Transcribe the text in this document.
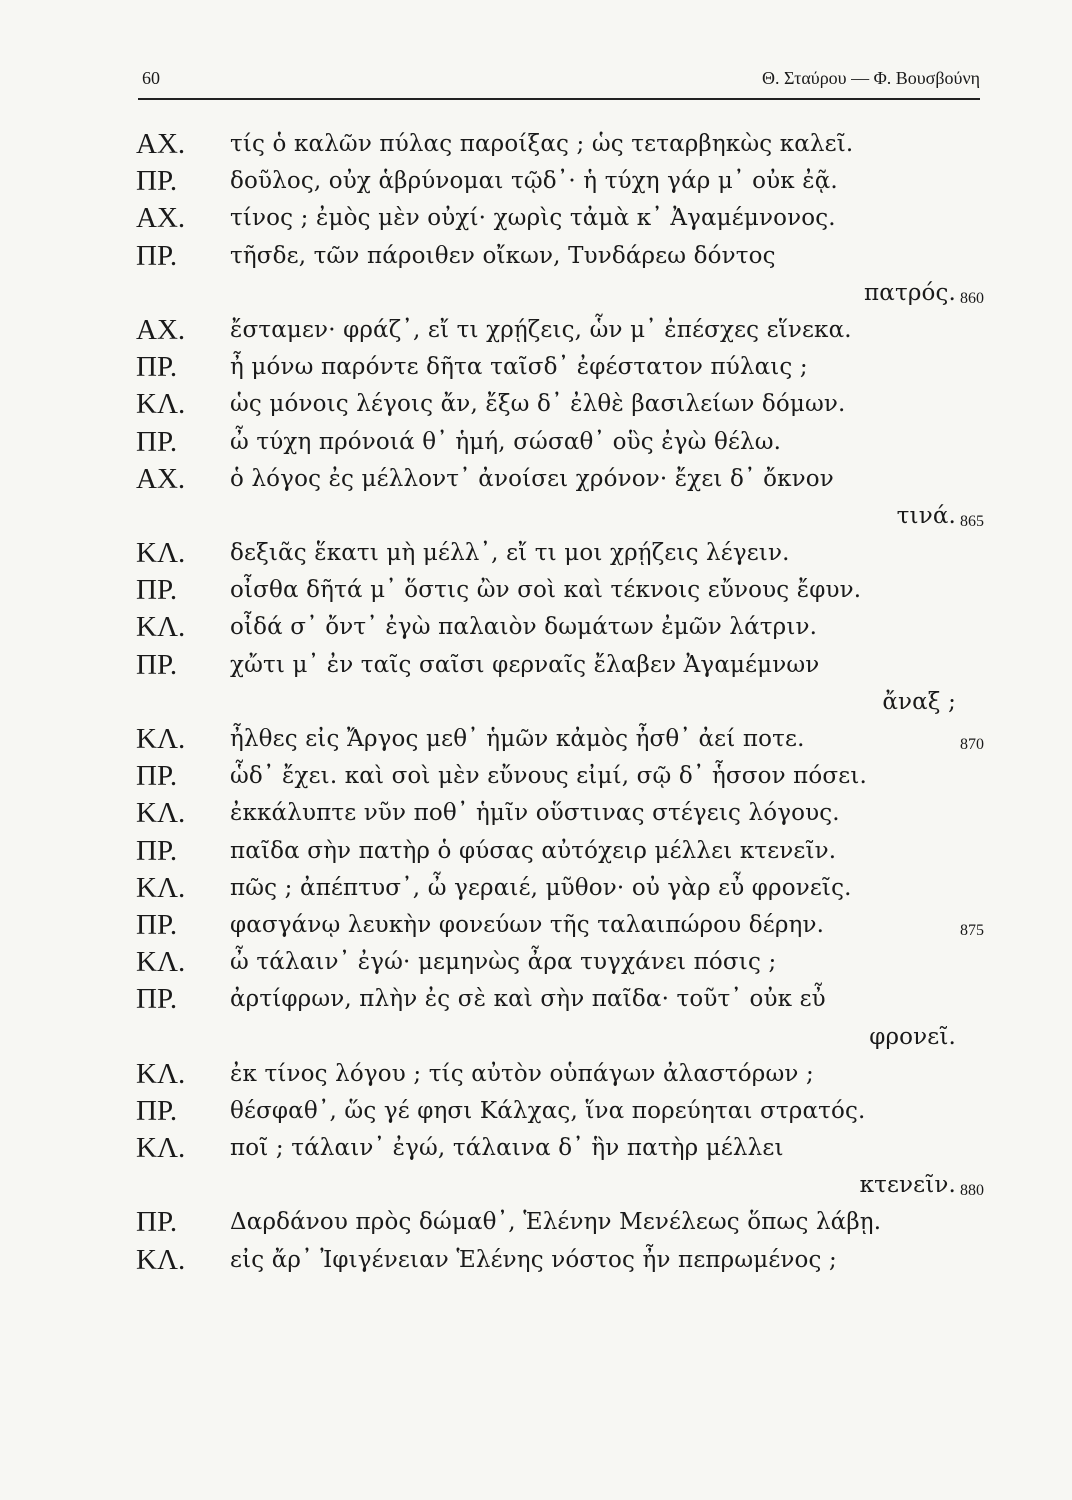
60	Θ. Σταύρου — Φ. Βουσβούνη
ΑΧ. τίς ὁ καλῶν πύλας παροίξας ; ὡς τεταρβηκὼς καλεῖ.
ΠΡ. δοῦλος, οὐχ ἁβρύνομαι τῷδ᾽· ἡ τύχη γάρ μ᾽ οὐκ ἐᾷ.
ΑΧ. τίνος ; ἐμὸς μὲν οὐχί· χωρὶς τἀμὰ κ᾽ Ἀγαμέμνονος.
ΠΡ. τῆσδε, τῶν πάροιθεν οἴκων, Τυνδάρεω δόντος
πατρός. 860
ΑΧ. ἔσταμεν· φράζ᾽, εἴ τι χρῄζεις, ὧν μ᾽ ἐπέσχες εἵνεκα.
ΠΡ. ἦ μόνω παρόντε δῆτα ταῖσδ᾽ ἐφέστατον πύλαις ;
ΚΛ. ὡς μόνοις λέγοις ἄν, ἔξω δ᾽ ἐλθὲ βασιλείων δόμων.
ΠΡ. ὦ τύχη πρόνοιά θ᾽ ἡμή, σώσαθ᾽ οὓς ἐγὼ θέλω.
ΑΧ. ὁ λόγος ἐς μέλλοντ᾽ ἀνοίσει χρόνον· ἔχει δ᾽ ὄκνον
τινά. 865
ΚΛ. δεξιᾶς ἕκατι μὴ μέλλ᾽, εἴ τι μοι χρῄζεις λέγειν.
ΠΡ. οἶσθα δῆτά μ᾽ ὅστις ὢν σοὶ καὶ τέκνοις εὔνους ἔφυν.
ΚΛ. οἶδά σ᾽ ὄντ᾽ ἐγὼ παλαιὸν δωμάτων ἐμῶν λάτριν.
ΠΡ. χὤτι μ᾽ ἐν ταῖς σαῖσι φερναῖς ἔλαβεν Ἀγαμέμνων
ἄναξ ;
ΚΛ. ἦλθες εἰς Ἄργος μεθ᾽ ἡμῶν κἀμὸς ἦσθ᾽ ἀεί ποτε.	870
ΠΡ. ὧδ᾽ ἔχει. καὶ σοὶ μὲν εὔνους εἰμί, σῷ δ᾽ ἧσσον πόσει.
ΚΛ. ἐκκάλυπτε νῦν ποθ᾽ ἡμῖν οὕστινας στέγεις λόγους.
ΠΡ. παῖδα σὴν πατὴρ ὁ φύσας αὐτόχειρ μέλλει κτενεῖν.
ΚΛ. πῶς ; ἀπέπτυσ᾽, ὦ γεραιέ, μῦθον· οὐ γὰρ εὖ φρονεῖς.
ΠΡ. φασγάνῳ λευκὴν φονεύων τῆς ταλαιπώρου δέρην.	875
ΚΛ. ὦ τάλαιν᾽ ἐγώ· μεμηνὼς ἆρα τυγχάνει πόσις ;
ΠΡ. ἀρτίφρων, πλὴν ἐς σὲ καὶ σὴν παῖδα· τοῦτ᾽ οὐκ εὖ
φρονεῖ.
ΚΛ. ἐκ τίνος λόγου ; τίς αὐτὸν οὑπάγων ἀλαστόρων ;
ΠΡ. θέσφαθ᾽, ὥς γέ φησι Κάλχας, ἵνα πορεύηται στρατός.
ΚΛ. ποῖ ; τάλαιν᾽ ἐγώ, τάλαινα δ᾽ ἣν πατὴρ μέλλει
κτενεῖν. 880
ΠΡ. Δαρδάνου πρὸς δώμαθ᾽, Ἑλένην Μενέλεως ὅπως λάβῃ.
ΚΛ. εἰς ἄρ᾽ Ἰφιγένειαν Ἑλένης νόστος ἦν πεπρωμένος ;
